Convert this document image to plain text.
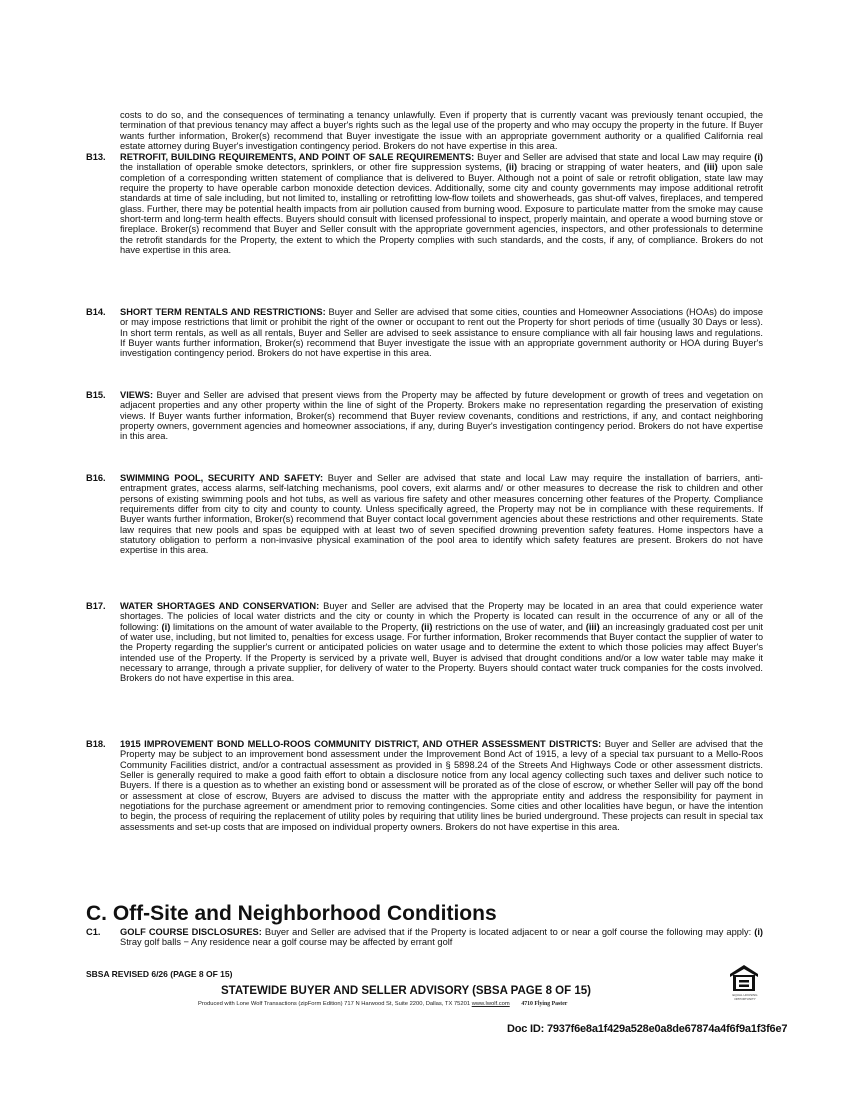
costs to do so, and the consequences of terminating a tenancy unlawfully. Even if property that is currently vacant was previously tenant occupied, the termination of that previous tenancy may affect a buyer's rights such as the legal use of the property and who may occupy the property in the future. If Buyer wants further information, Broker(s) recommend that Buyer investigate the issue with an appropriate government authority or a qualified California real estate attorney during Buyer's investigation contingency period. Brokers do not have expertise in this area.
B13.	RETROFIT, BUILDING REQUIREMENTS, AND POINT OF SALE REQUIREMENTS: Buyer and Seller are advised that state and local Law may require (i) the installation of operable smoke detectors, sprinklers, or other fire suppression systems, (ii) bracing or strapping of water heaters, and (iii) upon sale completion of a corresponding written statement of compliance that is delivered to Buyer. Although not a point of sale or retrofit obligation, state law may require the property to have operable carbon monoxide detection devices. Additionally, some city and county governments may impose additional retrofit standards at time of sale including, but not limited to, installing or retrofitting low-flow toilets and showerheads, gas shut-off valves, fireplaces, and tempered glass. Further, there may be potential health impacts from air pollution caused from burning wood. Exposure to particulate matter from the smoke may cause short-term and long-term health effects. Buyers should consult with licensed professional to inspect, properly maintain, and operate a wood burning stove or fireplace. Broker(s) recommend that Buyer and Seller consult with the appropriate government agencies, inspectors, and other professionals to determine the retrofit standards for the Property, the extent to which the Property complies with such standards, and the costs, if any, of compliance. Brokers do not have expertise in this area.
B14.	SHORT TERM RENTALS AND RESTRICTIONS: Buyer and Seller are advised that some cities, counties and Homeowner Associations (HOAs) do impose or may impose restrictions that limit or prohibit the right of the owner or occupant to rent out the Property for short periods of time (usually 30 Days or less). In short term rentals, as well as all rentals, Buyer and Seller are advised to seek assistance to ensure compliance with all fair housing laws and regulations. If Buyer wants further information, Broker(s) recommend that Buyer investigate the issue with an appropriate government authority or HOA during Buyer's investigation contingency period. Brokers do not have expertise in this area.
B15.	VIEWS: Buyer and Seller are advised that present views from the Property may be affected by future development or growth of trees and vegetation on adjacent properties and any other property within the line of sight of the Property. Brokers make no representation regarding the preservation of existing views. If Buyer wants further information, Broker(s) recommend that Buyer review covenants, conditions and restrictions, if any, and contact neighboring property owners, government agencies and homeowner associations, if any, during Buyer's investigation contingency period. Brokers do not have expertise in this area.
B16.	SWIMMING POOL, SECURITY AND SAFETY: Buyer and Seller are advised that state and local Law may require the installation of barriers, anti-entrapment grates, access alarms, self-latching mechanisms, pool covers, exit alarms and/ or other measures to decrease the risk to children and other persons of existing swimming pools and hot tubs, as well as various fire safety and other measures concerning other features of the Property. Compliance requirements differ from city to city and county to county. Unless specifically agreed, the Property may not be in compliance with these requirements. If Buyer wants further information, Broker(s) recommend that Buyer contact local government agencies about these restrictions and other requirements. State law requires that new pools and spas be equipped with at least two of seven specified drowning prevention safety features. Home inspectors have a statutory obligation to perform a non-invasive physical examination of the pool area to identify which safety features are present. Brokers do not have expertise in this area.
B17.	WATER SHORTAGES AND CONSERVATION: Buyer and Seller are advised that the Property may be located in an area that could experience water shortages. The policies of local water districts and the city or county in which the Property is located can result in the occurrence of any or all of the following: (i) limitations on the amount of water available to the Property, (ii) restrictions on the use of water, and (iii) an increasingly graduated cost per unit of water use, including, but not limited to, penalties for excess usage. For further information, Broker recommends that Buyer contact the supplier of water to the Property regarding the supplier's current or anticipated policies on water usage and to determine the extent to which those policies may affect Buyer's intended use of the Property. If the Property is serviced by a private well, Buyer is advised that drought conditions and/or a low water table may make it necessary to arrange, through a private supplier, for delivery of water to the Property. Buyers should contact water truck companies for the costs involved. Brokers do not have expertise in this area.
B18.	1915 IMPROVEMENT BOND MELLO-ROOS COMMUNITY DISTRICT, AND OTHER ASSESSMENT DISTRICTS: Buyer and Seller are advised that the Property may be subject to an improvement bond assessment under the Improvement Bond Act of 1915, a levy of a special tax pursuant to a Mello-Roos Community Facilities district, and/or a contractual assessment as provided in § 5898.24 of the Streets And Highways Code or other assessment districts. Seller is generally required to make a good faith effort to obtain a disclosure notice from any local agency collecting such taxes and deliver such notice to Buyers. If there is a question as to whether an existing bond or assessment will be prorated as of the close of escrow, or whether Seller will pay off the bond or assessment at close of escrow, Buyers are advised to discuss the matter with the appropriate entity and address the responsibility for payment in negotiations for the purchase agreement or amendment prior to removing contingencies. Some cities and other localities have begun, or have the intention to begin, the process of requiring the replacement of utility poles by requiring that utility lines be buried underground. These projects can result in special tax assessments and set-up costs that are imposed on individual property owners. Brokers do not have expertise in this area.
C. Off-Site and Neighborhood Conditions
C1.	GOLF COURSE DISCLOSURES: Buyer and Seller are advised that if the Property is located adjacent to or near a golf course the following may apply: (i) Stray golf balls − Any residence near a golf course may be affected by errant golf
SBSA REVISED 6/26 (PAGE 8 OF 15)
STATEWIDE BUYER AND SELLER ADVISORY (SBSA PAGE 8 OF 15)
Produced with Lone Wolf Transactions (zipForm Edition) 717 N Harwood St, Suite 2200, Dallas, TX 75201 www.lwolf.com 4710 Flying Paster
EQUAL HOUSING OPPORTUNITY
Doc ID: 7937f6e8a1f429a528e0a8de67874a4f6f9a1f3f6e7
